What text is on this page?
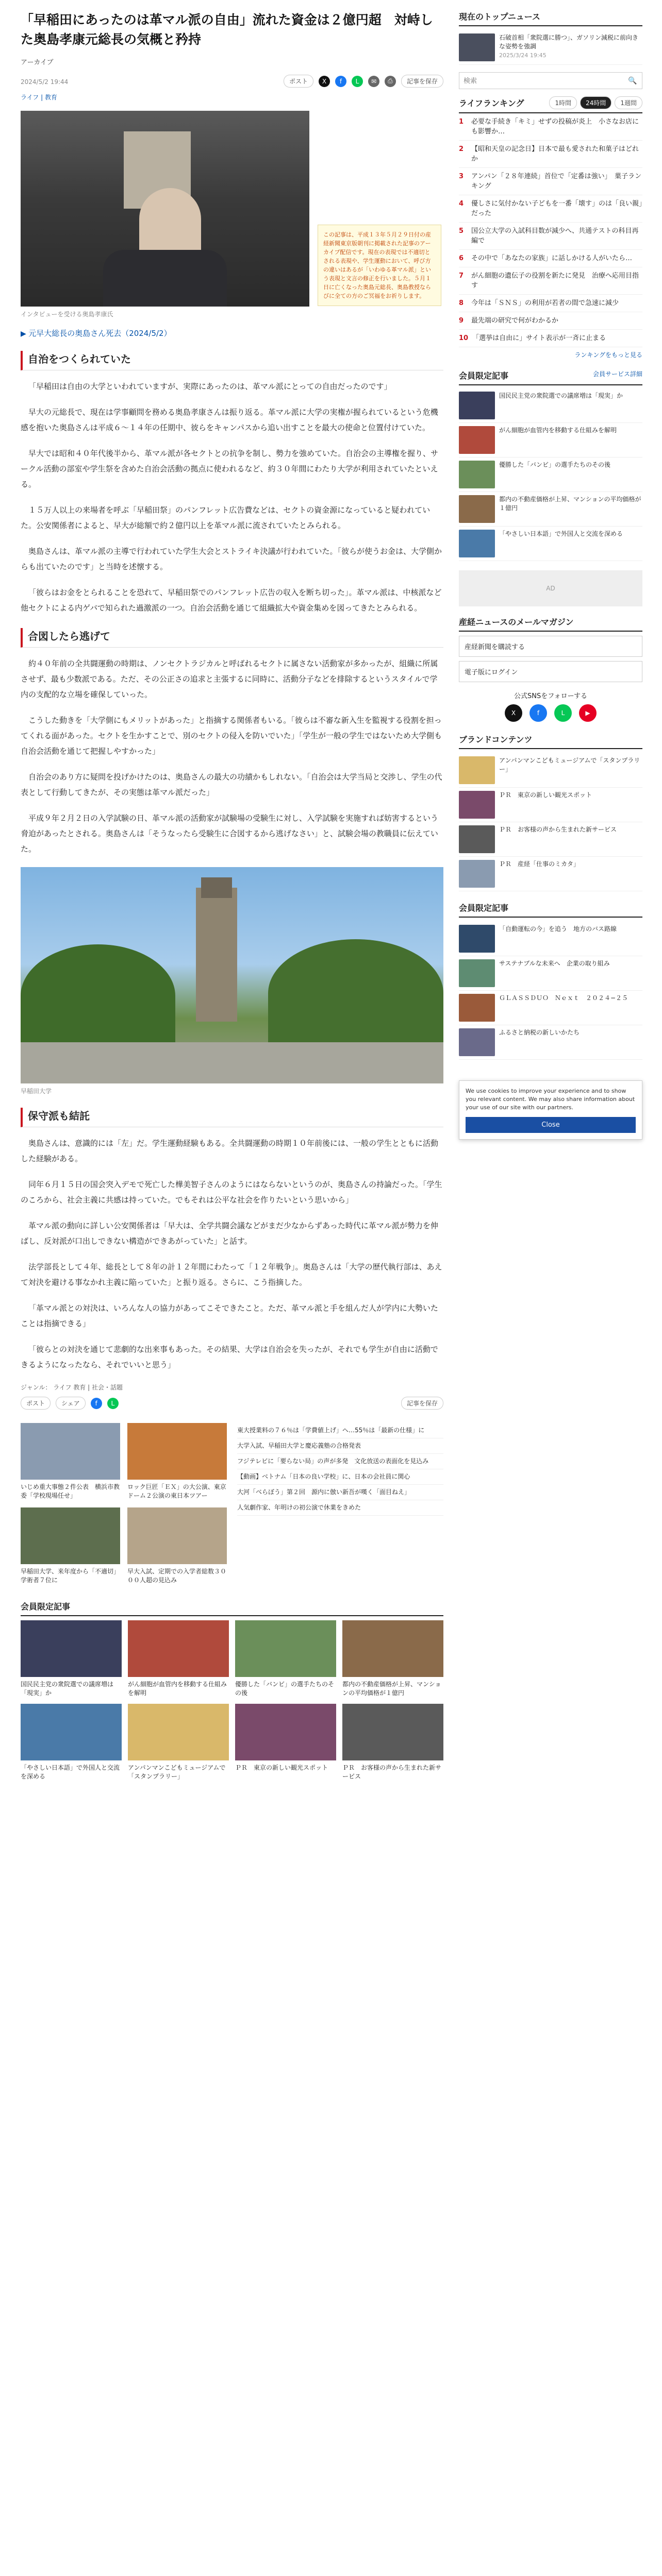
「早稲田にあったのは革マル派の自由」流れた資金は２億円超　対峙した奥島孝康元総長の気概と矜持
アーカイブ
2024/5/2 19:44	ポスト	X	f	L	✉	⎙	記事を保存
ライフ | 教育
インタビューを受ける奥島孝康氏
この記事は、平成１３年５月２９日付の産経新聞東京版朝刊に掲載された記事のアーカイブ配信です。現在の表現では不適切とされる表現や、学生運動において、呼び方の違いはあるが「いわゆる革マル派」という表現と文言の修正を行いました。５月１日に亡くなった奥島元総長、奥島教授ならびに全ての方のご冥福をお祈りします。
▶ 元早大総長の奥島さん死去（2024/5/2）
自治をつくられていた

「早稲田は自由の大学といわれていますが、実際にあったのは、革マル派にとっての自由だったのです」

早大の元総長で、現在は学事顧問を務める奥島孝康さんは振り返る。革マル派に大学の実権が握られているという危機感を抱いた奥島さんは平成６〜１４年の任期中、彼らをキャンパスから追い出すことを最大の使命と位置付けていた。

早大では昭和４０年代後半から、革マル派が各セクトとの抗争を制し、勢力を強めていた。自治会の主導権を握り、サークル活動の部室や学生祭を含めた自治会活動の拠点に使われるなど、約３０年間にわたり大学が利用されていたといえる。

１５万人以上の来場者を呼ぶ「早稲田祭」のパンフレット広告費などは、セクトの資金源になっていると疑われていた。公安関係者によると、早大が総額で約２億円以上を革マル派に流されていたとみられる。

奥島さんは、革マル派の主導で行われていた学生大会とストライキ決議が行われていた。「彼らが使うお金は、大学側からも出ていたのです」と当時を述懐する。

「彼らはお金をとられることを恐れて、早稲田祭でのパンフレット広告の収入を断ち切った」。革マル派は、中核派など他セクトによる内ゲバで知られた過激派の一つ。自治会活動を通じて組織拡大や資金集めを図ってきたとみられる。

合図したら逃げて

約４０年前の全共闘運動の時期は、ノンセクトラジカルと呼ばれるセクトに属さない活動家が多かったが、組織に所属させず、最も少数派である。ただ、その公正さの追求と主張するに同時に、活動分子などを排除するというスタイルで学内の支配的な立場を確保していった。

こうした動きを「大学側にもメリットがあった」と指摘する関係者もいる。「彼らは不審な新入生を監視する役割を担ってくれる面があった。セクトを生かすことで、別のセクトの侵入を防いでいた」「学生が一般の学生ではないため大学側も自治会活動を通じて把握しやすかった」

自治会のあり方に疑問を投げかけたのは、奥島さんの最大の功績かもしれない。「自治会は大学当局と交渉し、学生の代表として行動してきたが、その実態は革マル派だった」

平成９年２月２日の入学試験の日、革マル派の活動家が試験場の受験生に対し、入学試験を実施すれば妨害するという脅迫があったとされる。奥島さんは「そうなったら受験生に合図するから逃げなさい」と、試験会場の教職員に伝えていた。

早稲田大学
保守派も結託

奥島さんは、意識的には「左」だ。学生運動経験もある。全共闘運動の時期１０年前後には、一般の学生とともに活動した経験がある。

同年６月１５日の国会突入デモで死亡した樺美智子さんのようにはならないというのが、奥島さんの持論だった。「学生のころから、社会主義に共感は持っていた。でもそれは公平な社会を作りたいという思いから」

革マル派の動向に詳しい公安関係者は「早大は、全学共闘会議などがまだ少なからずあった時代に革マル派が勢力を伸ばし、反対派が口出しできない構造ができあがっていた」と話す。

法学部長として４年、総長として８年の計１２年間にわたって「１２年戦争」。奥島さんは「大学の歴代執行部は、あえて対決を避ける事なかれ主義に陥っていた」と振り返る。さらに、こう指摘した。

「革マル派との対決は、いろんな人の協力があってこそできたこと。ただ、革マル派と手を組んだ人が学内に大勢いたことは指摘できる」

「彼らとの対決を通じて悲劇的な出来事もあった。その結果、大学は自治会を失ったが、それでも学生が自由に活動できるようになったなら、それでいいと思う」

ジャンル： ライフ 教育 | 社会・話題
ポスト	シェア	f	L	記事を保存
いじめ重大事態２件公表　横浜市教委「学校現場任せ」
ロック巨匠「ＥＸ」の大公演、東京ドーム２公演の東日本ツアー
早稲田大学、来年度から「不適切」学術者７位に
早大入試、定期での入学者総数３０００人超の見込み
東大授業料の７６％は「学費値上げ」へ…55％は「最新の仕様」に
大学入試、早稲田大学と慶応義塾の合格発表
フジテレビに「要らない局」の声が多発　文化放送の表面化を見込み
【動画】ベトナム「日本の良い学校」に、日本の会社員に関心
大河「べらぼう」第２回　源内に倣い新吾が嘆く「面目ねえ」
人気劇作家、年明けの初公演で休業をきめた
会員限定記事
国民民主党の衆院選での議席増は「現実」か
がん細胞が血管内を移動する仕組みを解明
優勝した「バンビ」の選手たちのその後
都内の不動産価格が上昇、マンションの平均価格が１億円
「やさしい日本語」で外国人と交流を深める
アンパンマンこどもミュージアムで「スタンプラリー」
ＰＲ　東京の新しい観光スポット	ＰＲ　お客様の声から生まれた新サービス
現在のトップニュース
石破首相「衆院選に勝つ」、ガソリン減税に前向きな姿勢を強調
2025/3/24 19:45
検索
🔍
ライフランキング	1時間	24時間	1週間
1	必要な手続き「キミ」せずの投稿が炎上　小さなお店にも影響か…
2	【昭和天皇の記念日】日本で最も愛された和菓子はどれか
3	アンパン「２８年連続」首位で「定番は強い」　菓子ランキング
4	優しさに気付かない子どもを一番「壊す」のは「良い親」だった
5	国公立大学の入試科目数が減少へ、共通テストの科目再編で
6	その中で「あなたの家族」に話しかける人がいたら…
7	がん細胞の遺伝子の役割を新たに発見　治療へ応用目指す
8	今年は「ＳＮＳ」の利用が若者の間で急速に減少
9	最先端の研究で何がわかるか
10 「選挙は自由に」サイト表示が一斉に止まる
ランキングをもっと見る
会員限定記事	会員サービス詳細
国民民主党の衆院選での議席増は「現実」か
がん細胞が血管内を移動する仕組みを解明
優勝した「バンビ」の選手たちのその後
都内の不動産価格が上昇、マンションの平均価格が１億円
「やさしい日本語」で外国人と交流を深める
AD
産経ニュースのメールマガジン
産経新聞を購読する
電子版にログイン
公式SNSをフォローする
X	f	L	▶
ブランドコンテンツ
アンパンマンこどもミュージアムで「スタンプラリー」
ＰＲ　東京の新しい観光スポット
ＰＲ　お客様の声から生まれた新サービス
ＰＲ　産経「仕事のミカタ」
会員限定記事
「自動運転の今」を追う　地方のバス路線
サステナブルな未来へ　企業の取り組み
ＧＬＡＳＳＤＵＯ　Ｎｅｘｔ　２０２４−２５
ふるさと納税の新しいかたち
We use cookies to improve your experience and to show you relevant content. We may also share information about your use of our site with our partners.
Close
